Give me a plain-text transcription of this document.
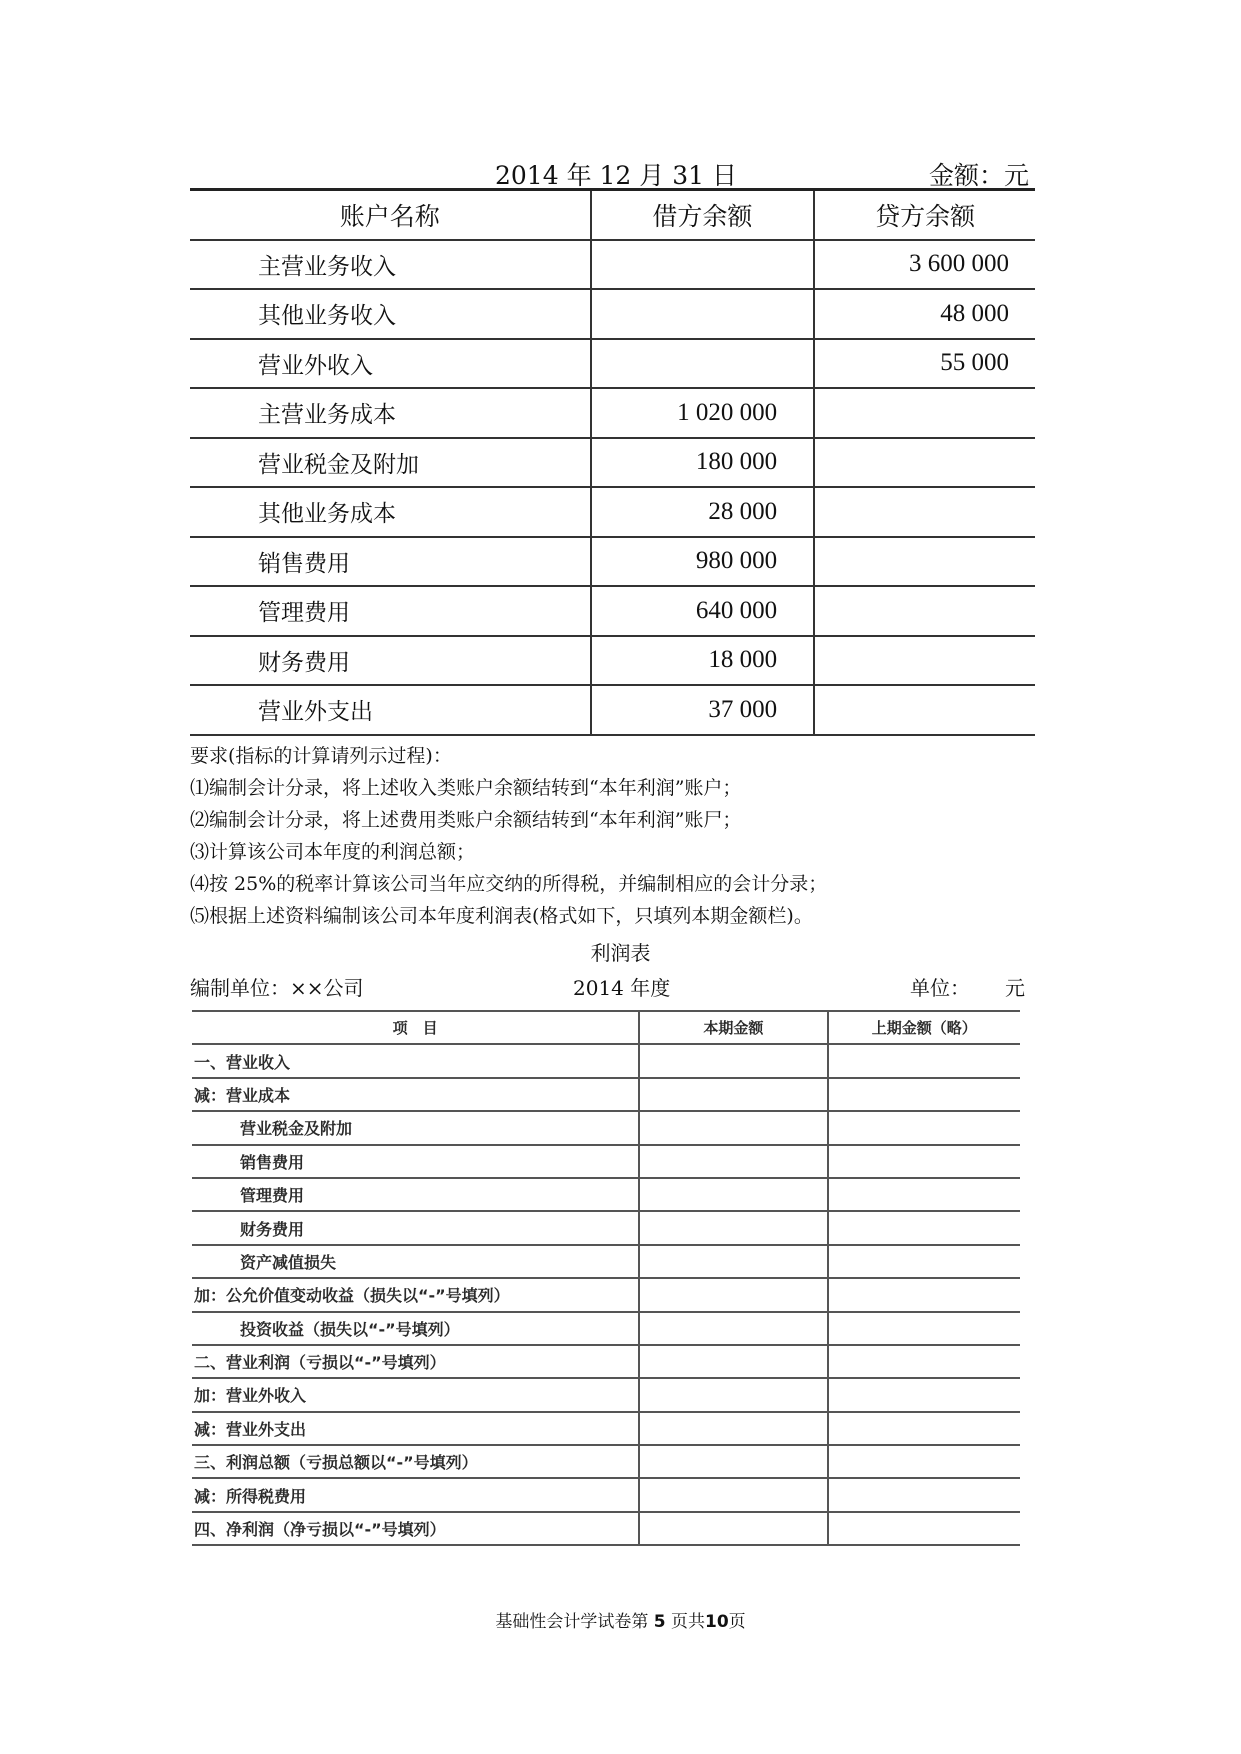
2014 年 12 月 31 日	金额：元
账户名称	借方余额	贷方余额
主营业务收入		3 600 000
其他业务收入		48 000
营业外收入		55 000
主营业务成本	1 020 000	
营业税金及附加	180 000	
其他业务成本	28 000	
销售费用	980 000	
管理费用	640 000	
财务费用	18 000	
营业外支出	37 000	
要求(指标的计算请列示过程)：
⑴编制会计分录，将上述收入类账户余额结转到“本年利润”账户；
⑵编制会计分录，将上述费用类账户余额结转到“本年利润”账尸；
⑶计算该公司本年度的利润总额；
⑷按 25%的税率计算该公司当年应交纳的所得税，并编制相应的会计分录；
⑸根据上述资料编制该公司本年度利润表(格式如下，只填列本期金额栏)。
利润表
编制单位：××公司	2014 年度	单位： 元
项　目	本期金额	上期金额（略）
一、营业收入		
减：营业成本		
营业税金及附加		
销售费用		
管理费用		
财务费用		
资产减值损失		
加：公允价值变动收益（损失以“-”号填列）		
投资收益（损失以“-”号填列）		
二、营业利润（亏损以“-”号填列）		
加：营业外收入		
减：营业外支出		
三、利润总额（亏损总额以“-”号填列）		
减：所得税费用		
四、净利润（净亏损以“-”号填列）		
基础性会计学试卷第 5 页共10页
